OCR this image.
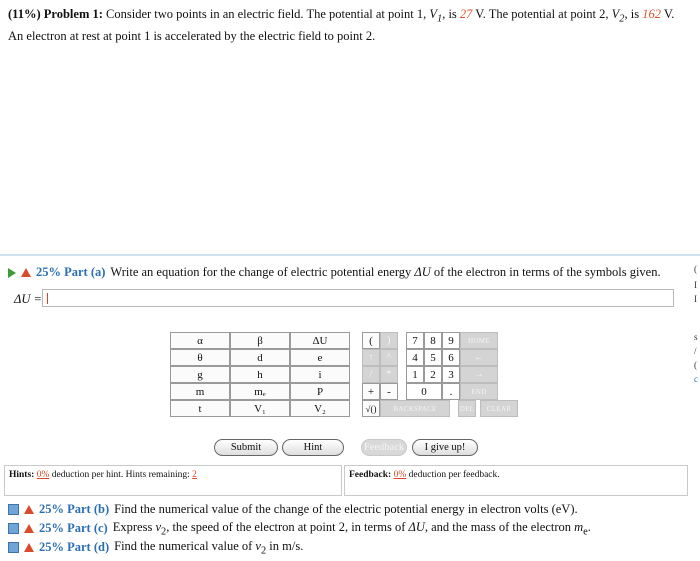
(11%) Problem 1: Consider two points in an electric field. The potential at point 1, $V_1$, is 27 V. The potential at point 2, $V_2$, is 162 V. An electron at rest at point 1 is accelerated by the electric field to point 2.
25% Part (a) Write an equation for the change of electric potential energy ΔU of the electron in terms of the symbols given.
ΔU =
α	β	ΔU
θ	d	e
g	h	i
m	mₑ	P
t	V₁	V₂
(	)	7	8	9	HOME
↑	^	4	5	6	←
/	*	1	2	3	→
+	-	0	.	END
√()	BACKSPACE	DEL	CLEAR
Submit	Hint	Feedback	I give up!
Hints: 0% deduction per hint. Hints remaining: 2	Feedback: 0% deduction per feedback.
25% Part (b) Find the numerical value of the change of the electric potential energy in electron volts (eV).
25% Part (c) Express $v_2$, the speed of the electron at point 2, in terms of ΔU, and the mass of the electron $m_e$.
25% Part (d) Find the numerical value of $v_2$ in m/s.
(
I
I
s
/
(
c
